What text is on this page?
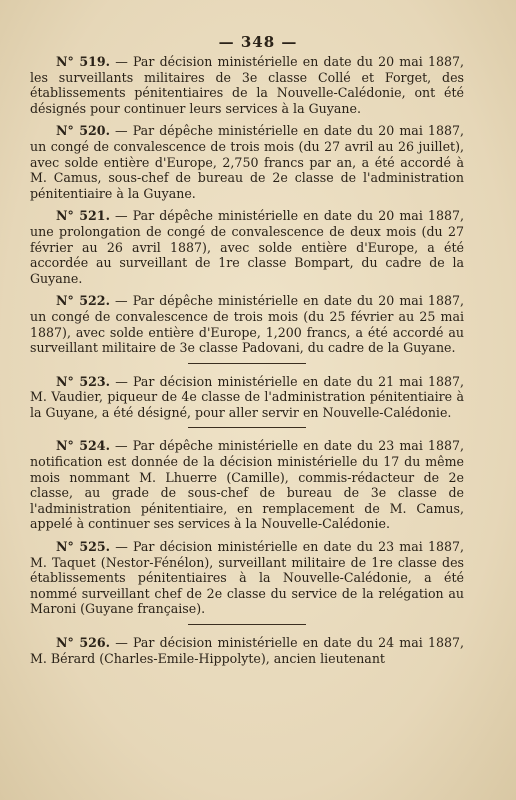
— 348 —

N° 519. — Par décision ministérielle en date du 20 mai 1887, les surveillants militaires de 3e classe Collé et Forget, des établissements pénitentiaires de la Nouvelle-Calédonie, ont été désignés pour continuer leurs services à la Guyane.

N° 520. — Par dépêche ministérielle en date du 20 mai 1887, un congé de convalescence de trois mois (du 27 avril au 26 juillet), avec solde entière d'Europe, 2,750 francs par an, a été accordé à M. Camus, sous-chef de bureau de 2e classe de l'administration pénitentiaire à la Guyane.

N° 521. — Par dépêche ministérielle en date du 20 mai 1887, une prolongation de congé de convalescence de deux mois (du 27 février au 26 avril 1887), avec solde entière d'Europe, a été accordée au surveillant de 1re classe Bompart, du cadre de la Guyane.

N° 522. — Par dépêche ministérielle en date du 20 mai 1887, un congé de convalescence de trois mois (du 25 février au 25 mai 1887), avec solde entière d'Europe, 1,200 francs, a été accordé au surveillant militaire de 3e classe Padovani, du cadre de la Guyane.

N° 523. — Par décision ministérielle en date du 21 mai 1887, M. Vaudier, piqueur de 4e classe de l'administration pénitentiaire à la Guyane, a été désigné, pour aller servir en Nouvelle-Calédonie.

N° 524. — Par dépêche ministérielle en date du 23 mai 1887, notification est donnée de la décision ministérielle du 17 du même mois nommant M. Lhuerre (Camille), commis-rédacteur de 2e classe, au grade de sous-chef de bureau de 3e classe de l'administration pénitentiaire, en remplacement de M. Camus, appelé à continuer ses services à la Nouvelle-Calédonie.

N° 525. — Par décision ministérielle en date du 23 mai 1887, M. Taquet (Nestor-Fénélon), surveillant militaire de 1re classe des établissements pénitentiaires à la Nouvelle-Calédonie, a été nommé surveillant chef de 2e classe du service de la relégation au Maroni (Guyane française).

N° 526. — Par décision ministérielle en date du 24 mai 1887, M. Bérard (Charles-Emile-Hippolyte), ancien lieutenant
